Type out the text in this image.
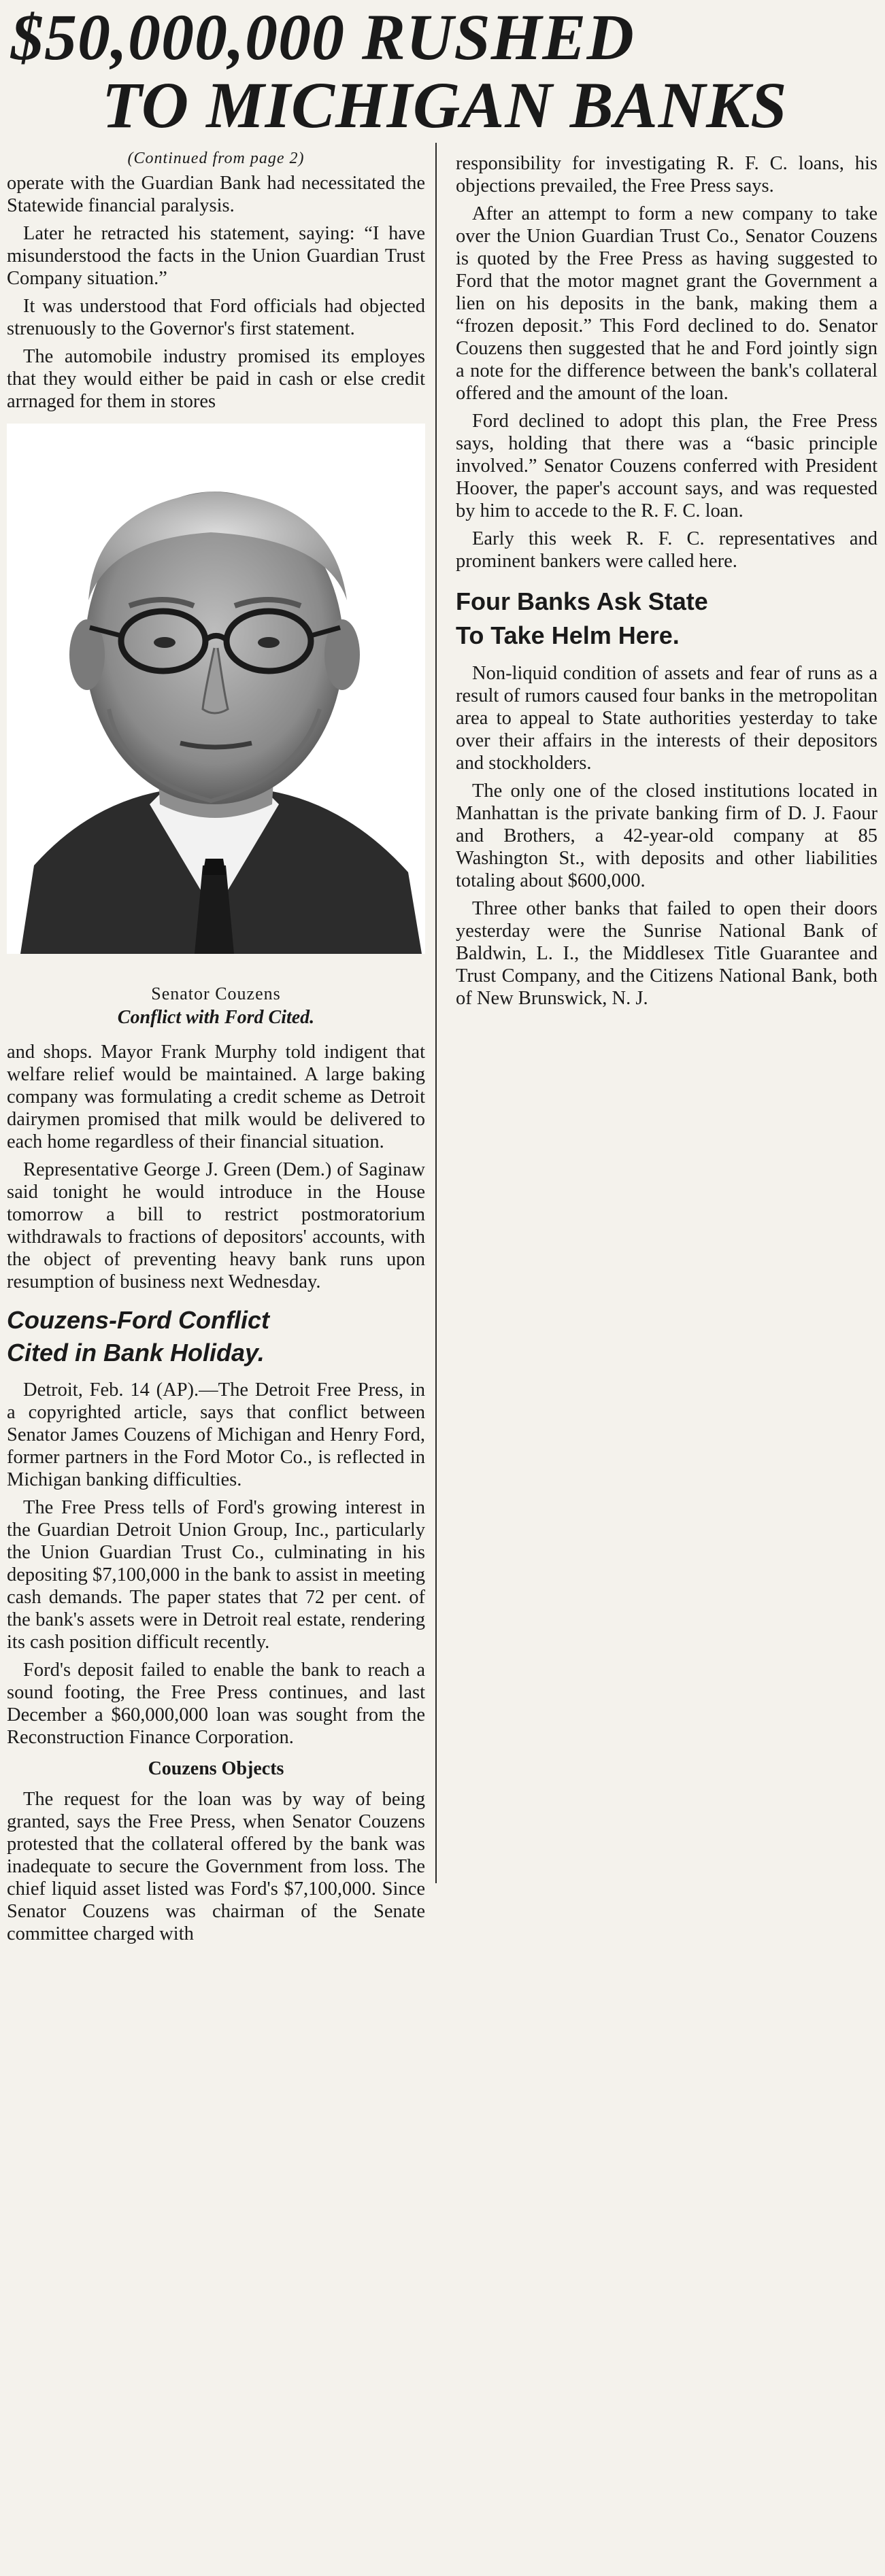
$50,000,000 RUSHED
TO MICHIGAN BANKS
(Continued from page 2)

operate with the Guardian Bank had necessitated the Statewide financial paralysis.

Later he retracted his statement, saying: “I have misunderstood the facts in the Union Guardian Trust Company situation.”

It was understood that Ford officials had objected strenuously to the Governor's first statement.

The automobile industry promised its employes that they would either be paid in cash or else credit arrnaged for them in stores

Senator Couzens
Conflict with Ford Cited.

and shops. Mayor Frank Murphy told indigent that welfare relief would be maintained. A large baking company was formulating a credit scheme as Detroit dairymen promised that milk would be delivered to each home regardless of their financial situation.

Representative George J. Green (Dem.) of Saginaw said tonight he would introduce in the House tomorrow a bill to restrict postmoratorium withdrawals to fractions of depositors' accounts, with the object of preventing heavy bank runs upon resumption of business next Wednesday.

Couzens-Ford Conflict
Cited in Bank Holiday.

Detroit, Feb. 14 (AP).—The Detroit Free Press, in a copyrighted article, says that conflict between Senator James Couzens of Michigan and Henry Ford, former partners in the Ford Motor Co., is reflected in Michigan banking difficulties.

The Free Press tells of Ford's growing interest in the Guardian Detroit Union Group, Inc., particularly the Union Guardian Trust Co., culminating in his depositing $7,100,000 in the bank to assist in meeting cash demands. The paper states that 72 per cent. of the bank's assets were in Detroit real estate, rendering its cash position difficult recently.

Ford's deposit failed to enable the bank to reach a sound footing, the Free Press continues, and last December a $60,000,000 loan was sought from the Reconstruction Finance Corporation.

Couzens Objects

The request for the loan was by way of being granted, says the Free Press, when Senator Couzens protested that the collateral offered by the bank was inadequate to secure the Government from loss. The chief liquid asset listed was Ford's $7,100,000. Since Senator Couzens was chairman of the Senate committee charged with

responsibility for investigating R. F. C. loans, his objections prevailed, the Free Press says.

After an attempt to form a new company to take over the Union Guardian Trust Co., Senator Couzens is quoted by the Free Press as having suggested to Ford that the motor magnet grant the Government a lien on his deposits in the bank, making them a “frozen deposit.” This Ford declined to do. Senator Couzens then suggested that he and Ford jointly sign a note for the difference between the bank's collateral offered and the amount of the loan.

Ford declined to adopt this plan, the Free Press says, holding that there was a “basic principle involved.” Senator Couzens conferred with President Hoover, the paper's account says, and was requested by him to accede to the R. F. C. loan.

Early this week R. F. C. representatives and prominent bankers were called here.

Four Banks Ask State
To Take Helm Here.

Non-liquid condition of assets and fear of runs as a result of rumors caused four banks in the metropolitan area to appeal to State authorities yesterday to take over their affairs in the interests of their depositors and stockholders.

The only one of the closed institutions located in Manhattan is the private banking firm of D. J. Faour and Brothers, a 42-year-old company at 85 Washington St., with deposits and other liabilities totaling about $600,000.

Three other banks that failed to open their doors yesterday were the Sunrise National Bank of Baldwin, L. I., the Middlesex Title Guarantee and Trust Company, and the Citizens National Bank, both of New Brunswick, N. J.
